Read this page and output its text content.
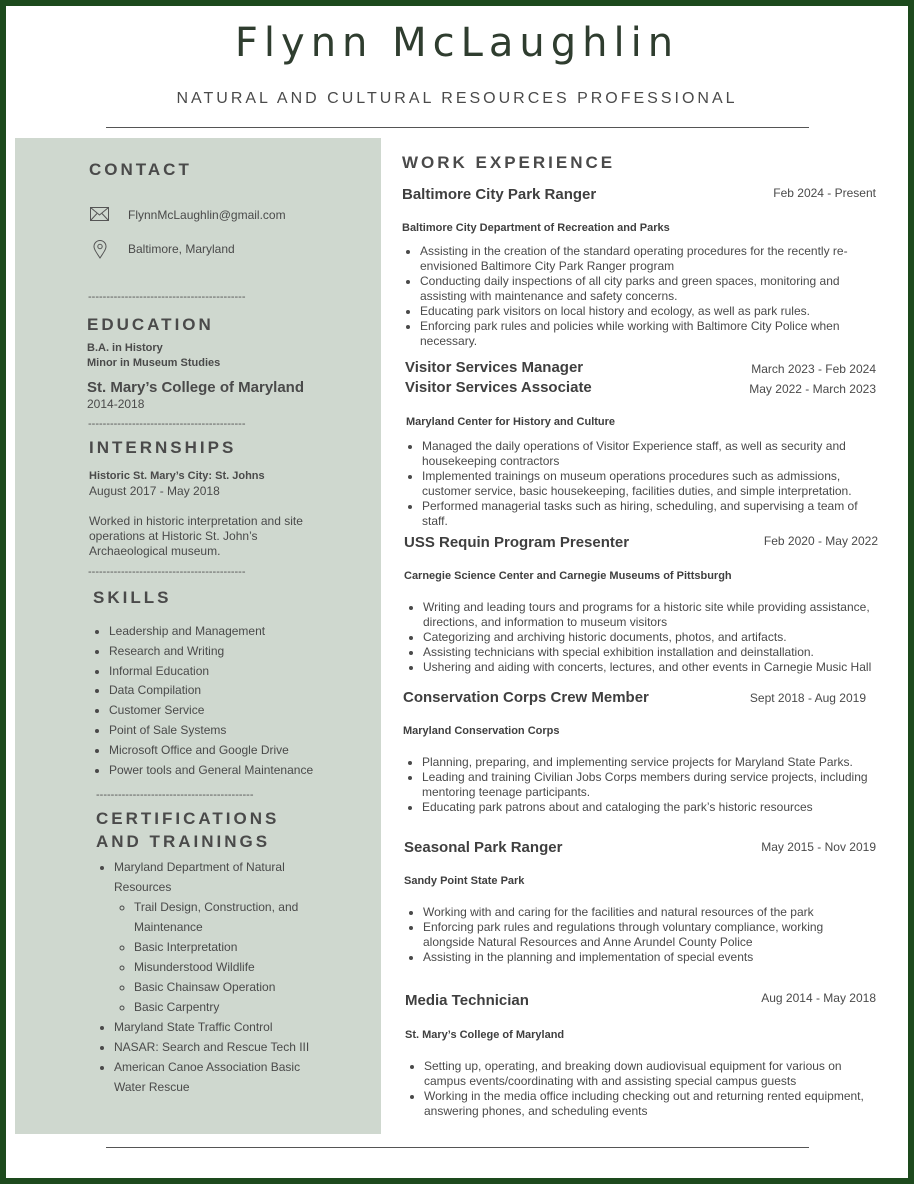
Flynn McLaughlin
NATURAL AND CULTURAL RESOURCES PROFESSIONAL
CONTACT
FlynnMcLaughlin@gmail.com
Baltimore, Maryland
-------------------------------------------
EDUCATION
B.A. in History
Minor in Museum Studies
St. Mary’s College of Maryland
2014-2018
-------------------------------------------
INTERNSHIPS
Historic St. Mary’s City: St. Johns
August 2017 - May 2018
Worked in historic interpretation and site operations at Historic St. John’s Archaeological museum.
-------------------------------------------
SKILLS
• Leadership and Management
• Research and Writing
• Informal Education
• Data Compilation
• Customer Service
• Point of Sale Systems
• Microsoft Office and Google Drive
• Power tools and General Maintenance
-------------------------------------------
CERTIFICATIONS
AND TRAININGS
• Maryland Department of Natural Resources
◦ Trail Design, Construction, and Maintenance
◦ Basic Interpretation
◦ Misunderstood Wildlife
◦ Basic Chainsaw Operation
◦ Basic Carpentry
• Maryland State Traffic Control
• NASAR: Search and Rescue Tech III
• American Canoe Association Basic Water Rescue
WORK EXPERIENCE
Baltimore City Park Ranger	Feb 2024 - Present
Baltimore City Department of Recreation and Parks
• Assisting in the creation of the standard operating procedures for the recently re-envisioned Baltimore City Park Ranger program
• Conducting daily inspections of all city parks and green spaces, monitoring and assisting with maintenance and safety concerns.
• Educating park visitors on local history and ecology, as well as park rules.
• Enforcing park rules and policies while working with Baltimore City Police when necessary.
Visitor Services Manager	March 2023 - Feb 2024
Visitor Services Associate	May 2022 - March 2023
Maryland Center for History and Culture
• Managed the daily operations of Visitor Experience staff, as well as security and housekeeping contractors
• Implemented trainings on museum operations procedures such as admissions, customer service, basic housekeeping, facilities duties, and simple interpretation.
• Performed managerial tasks such as hiring, scheduling, and supervising a team of staff.
USS Requin Program Presenter	Feb 2020 - May 2022
Carnegie Science Center and Carnegie Museums of Pittsburgh
• Writing and leading tours and programs for a historic site while providing assistance, directions, and information to museum visitors
• Categorizing and archiving historic documents, photos, and artifacts.
• Assisting technicians with special exhibition installation and deinstallation.
• Ushering and aiding with concerts, lectures, and other events in Carnegie Music Hall
Conservation Corps Crew Member	Sept 2018 - Aug 2019
Maryland Conservation Corps
• Planning, preparing, and implementing service projects for Maryland State Parks.
• Leading and training Civilian Jobs Corps members during service projects, including mentoring teenage participants.
• Educating park patrons about and cataloging the park’s historic resources
Seasonal Park Ranger	May 2015 - Nov 2019
Sandy Point State Park
• Working with and caring for the facilities and natural resources of the park
• Enforcing park rules and regulations through voluntary compliance, working alongside Natural Resources and Anne Arundel County Police
• Assisting in the planning and implementation of special events
Media Technician	Aug 2014 - May 2018
St. Mary’s College of Maryland
• Setting up, operating, and breaking down audiovisual equipment for various on campus events/coordinating with and assisting special campus guests
• Working in the media office including checking out and returning rented equipment, answering phones, and scheduling events
